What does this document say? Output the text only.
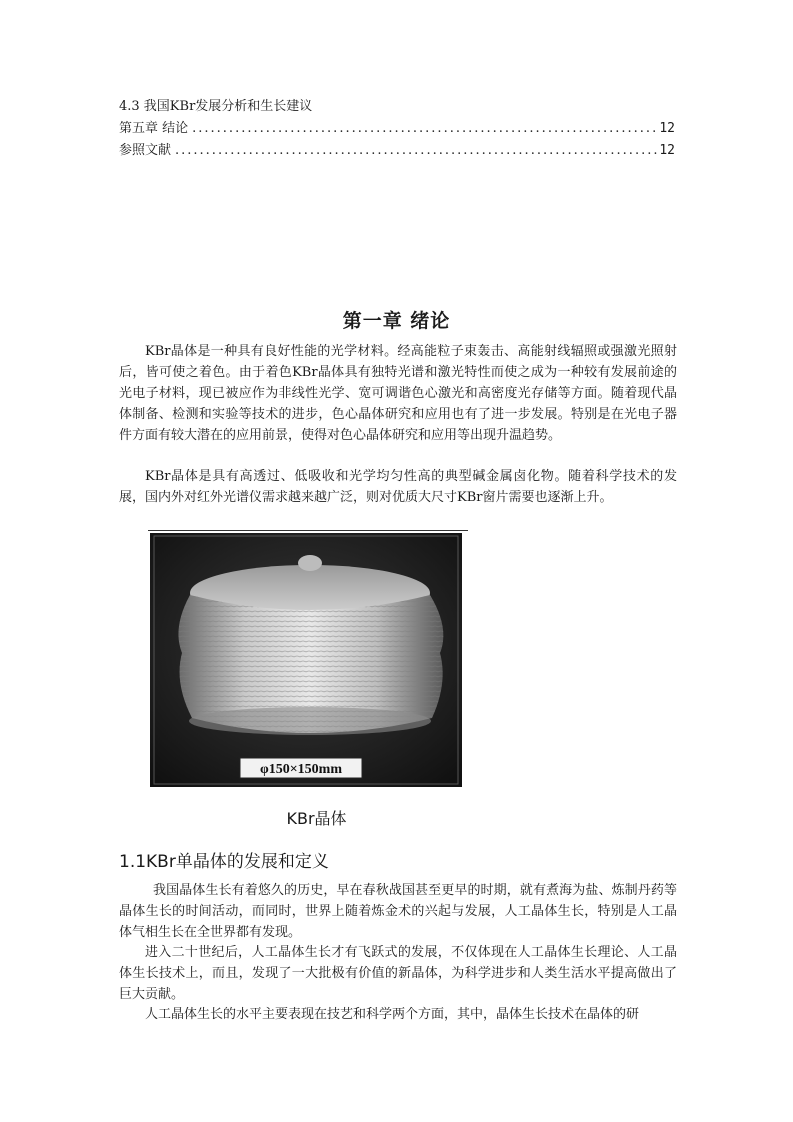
4.3 我国KBr发展分析和生长建议
第五章 结论 .....	12
参照文献 .....	12
第一章 绪论

KBr晶体是一种具有良好性能的光学材料。经高能粒子束轰击、高能射线辐照或强激光照射后，皆可使之着色。由于着色KBr晶体具有独特光谱和激光特性而使之成为一种较有发展前途的光电子材料，现已被应作为非线性光学、宽可调谐色心激光和高密度光存储等方面。随着现代晶体制备、检测和实验等技术的进步，色心晶体研究和应用也有了进一步发展。特别是在光电子器件方面有较大潜在的应用前景，使得对色心晶体研究和应用等出现升温趋势。

KBr晶体是具有高透过、低吸收和光学均匀性高的典型碱金属卤化物。随着科学技术的发展，国内外对红外光谱仪需求越来越广泛，则对优质大尺寸KBr窗片需要也逐渐上升。

φ150×150mm
KBr晶体
1.1KBr单晶体的发展和定义

我国晶体生长有着悠久的历史，早在春秋战国甚至更早的时期，就有煮海为盐、炼制丹药等晶体生长的时间活动，而同时，世界上随着炼金术的兴起与发展，人工晶体生长，特别是人工晶体气相生长在全世界都有发现。

进入二十世纪后，人工晶体生长才有飞跃式的发展，不仅体现在人工晶体生长理论、人工晶体生长技术上，而且，发现了一大批极有价值的新晶体，为科学进步和人类生活水平提高做出了巨大贡献。

人工晶体生长的水平主要表现在技艺和科学两个方面，其中，晶体生长技术在晶体的研
